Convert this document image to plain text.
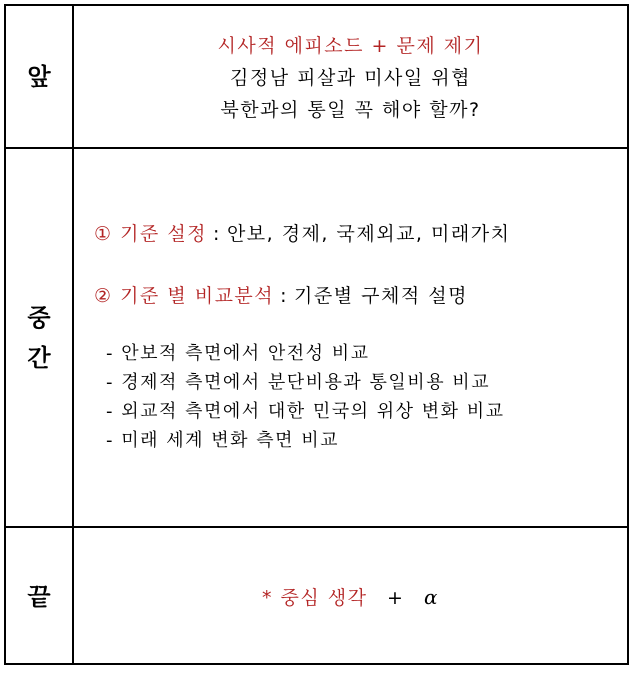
앞
시사적 에피소드 + 문제 제기
김정남 피살과 미사일 위협
북한과의 통일 꼭 해야 할까?
중
간
① 기준 설정 : 안보, 경제, 국제외교, 미래가치
② 기준 별 비교분석 : 기준별 구체적 설명
- 안보적 측면에서 안전성 비교
- 경제적 측면에서 분단비용과 통일비용 비교
- 외교적 측면에서 대한 민국의 위상 변화 비교
- 미래 세계 변화 측면 비교
끝	* 중심 생각 + α
